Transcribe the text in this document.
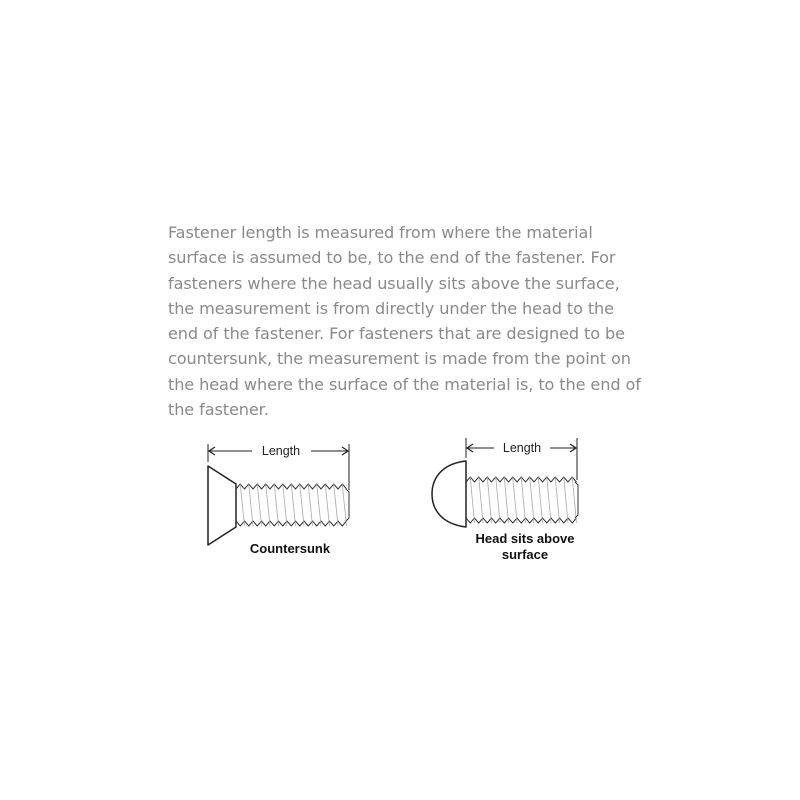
Fastener length is measured from where the material surface is assumed to be, to the end of the fastener. For fasteners where the head usually sits above the surface, the measurement is from directly under the head to the end of the fastener. For fasteners that are designed to be countersunk, the measurement is made from the point on the head where the surface of the material is, to the end of the fastener.

Length
Countersunk
Length
Head sits above
surface
